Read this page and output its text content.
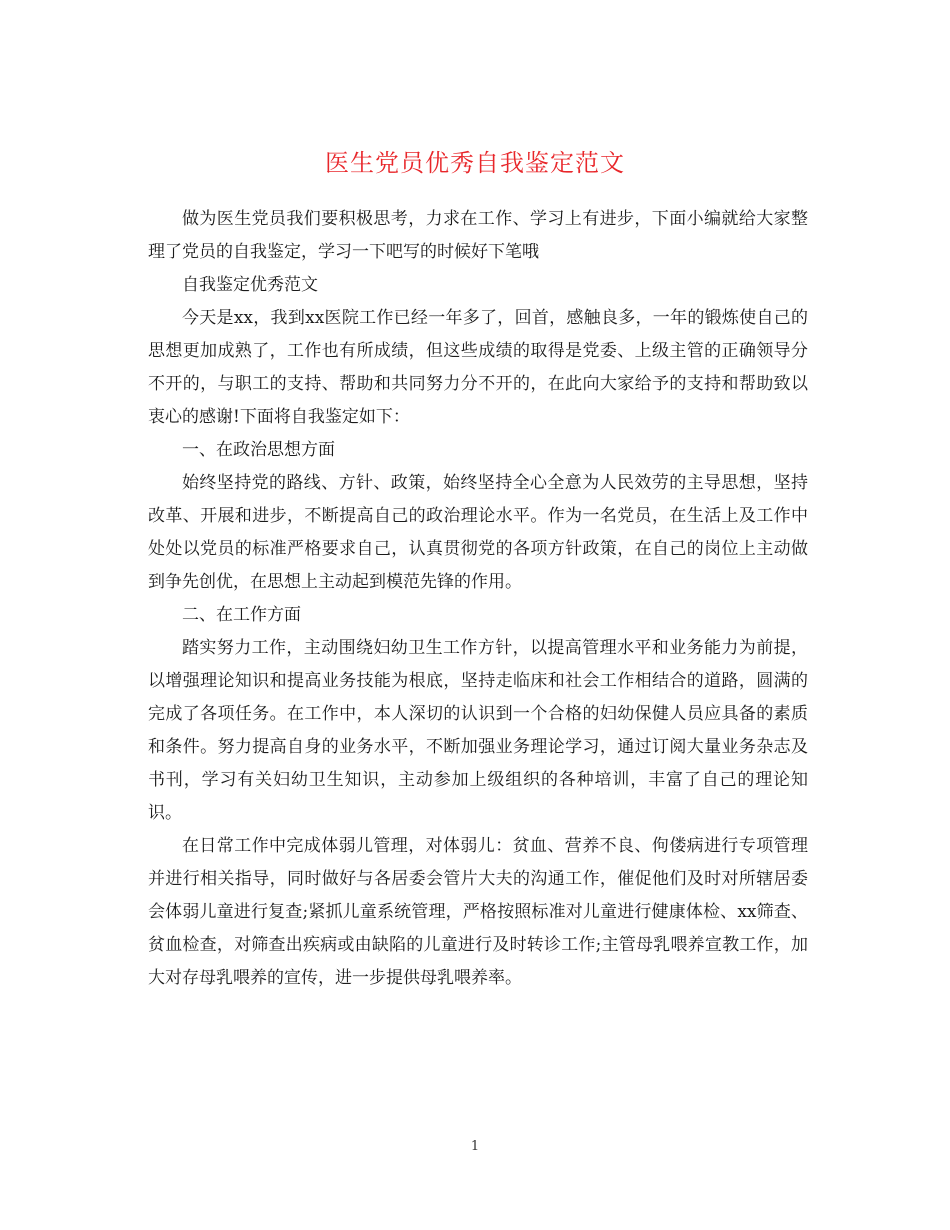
医生党员优秀自我鉴定范文

做为医生党员我们要积极思考，力求在工作、学习上有进步，下面小编就给大家整理了党员的自我鉴定，学习一下吧写的时候好下笔哦

自我鉴定优秀范文

今天是xx，我到xx医院工作已经一年多了，回首，感触良多，一年的锻炼使自己的思想更加成熟了，工作也有所成绩，但这些成绩的取得是党委、上级主管的正确领导分不开的，与职工的支持、帮助和共同努力分不开的，在此向大家给予的支持和帮助致以衷心的感谢!下面将自我鉴定如下：

一、在政治思想方面

始终坚持党的路线、方针、政策，始终坚持全心全意为人民效劳的主导思想，坚持改革、开展和进步，不断提高自己的政治理论水平。作为一名党员，在生活上及工作中处处以党员的标准严格要求自己，认真贯彻党的各项方针政策，在自己的岗位上主动做到争先创优，在思想上主动起到模范先锋的作用。

二、在工作方面

踏实努力工作，主动围绕妇幼卫生工作方针，以提高管理水平和业务能力为前提，以增强理论知识和提高业务技能为根底，坚持走临床和社会工作相结合的道路，圆满的完成了各项任务。在工作中，本人深切的认识到一个合格的妇幼保健人员应具备的素质和条件。努力提高自身的业务水平，不断加强业务理论学习，通过订阅大量业务杂志及书刊，学习有关妇幼卫生知识，主动参加上级组织的各种培训，丰富了自己的理论知识。

在日常工作中完成体弱儿管理，对体弱儿：贫血、营养不良、佝偻病进行专项管理并进行相关指导，同时做好与各居委会管片大夫的沟通工作，催促他们及时对所辖居委会体弱儿童进行复查;紧抓儿童系统管理，严格按照标准对儿童进行健康体检、xx筛查、贫血检查，对筛查出疾病或由缺陷的儿童进行及时转诊工作;主管母乳喂养宣教工作，加大对存母乳喂养的宣传，进一步提供母乳喂养率。

1
